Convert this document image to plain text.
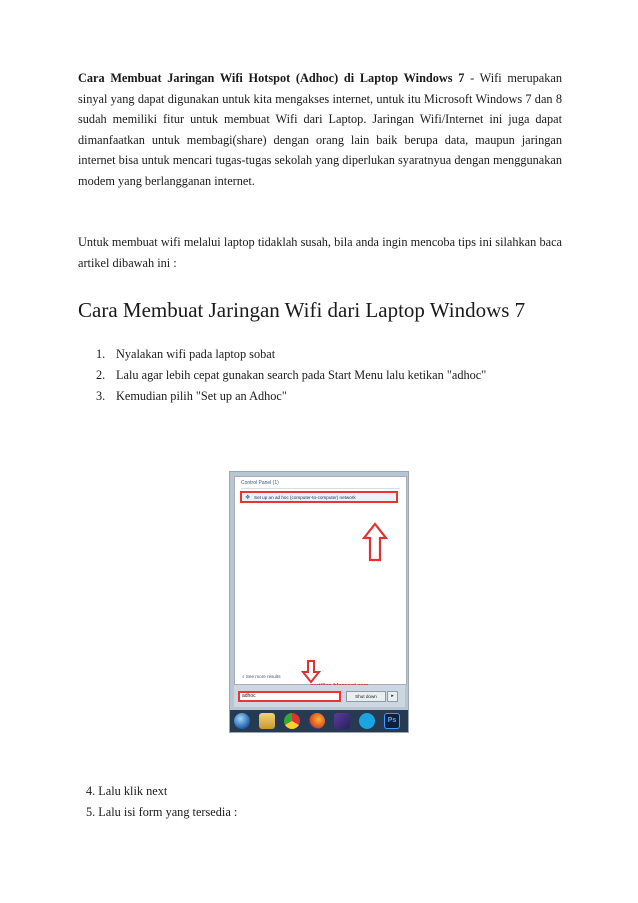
Cara Membuat Jaringan Wifi Hotspot (Adhoc) di Laptop Windows 7 - Wifi merupakan sinyal yang dapat digunakan untuk kita mengakses internet, untuk itu Microsoft Windows 7 dan 8 sudah memiliki fitur untuk membuat Wifi dari Laptop. Jaringan Wifi/Internet ini juga dapat dimanfaatkan untuk membagi(share) dengan orang lain baik berupa data, maupun jaringan internet bisa untuk mencari tugas-tugas sekolah yang diperlukan syaratnyua dengan menggunakan modem yang berlangganan internet.

Untuk membuat wifi melalui laptop tidaklah susah, bila anda ingin mencoba tips ini silahkan baca artikel dibawah ini :

Cara Membuat Jaringan Wifi dari Laptop Windows 7
1. Nyalakan wifi pada laptop sobat
2. Lalu agar lebih cepat gunakan search pada Start Menu lalu ketikan "adhoc"
3. Kemudian pilih "Set up an Adhoc"
Control Panel (1)
❖ Set up an ad hoc (computer-to-computer) network
⌕ See more results
adhoc	Shut down	▸
Ps
4. Lalu klik next
5. Lalu isi form yang tersedia :
